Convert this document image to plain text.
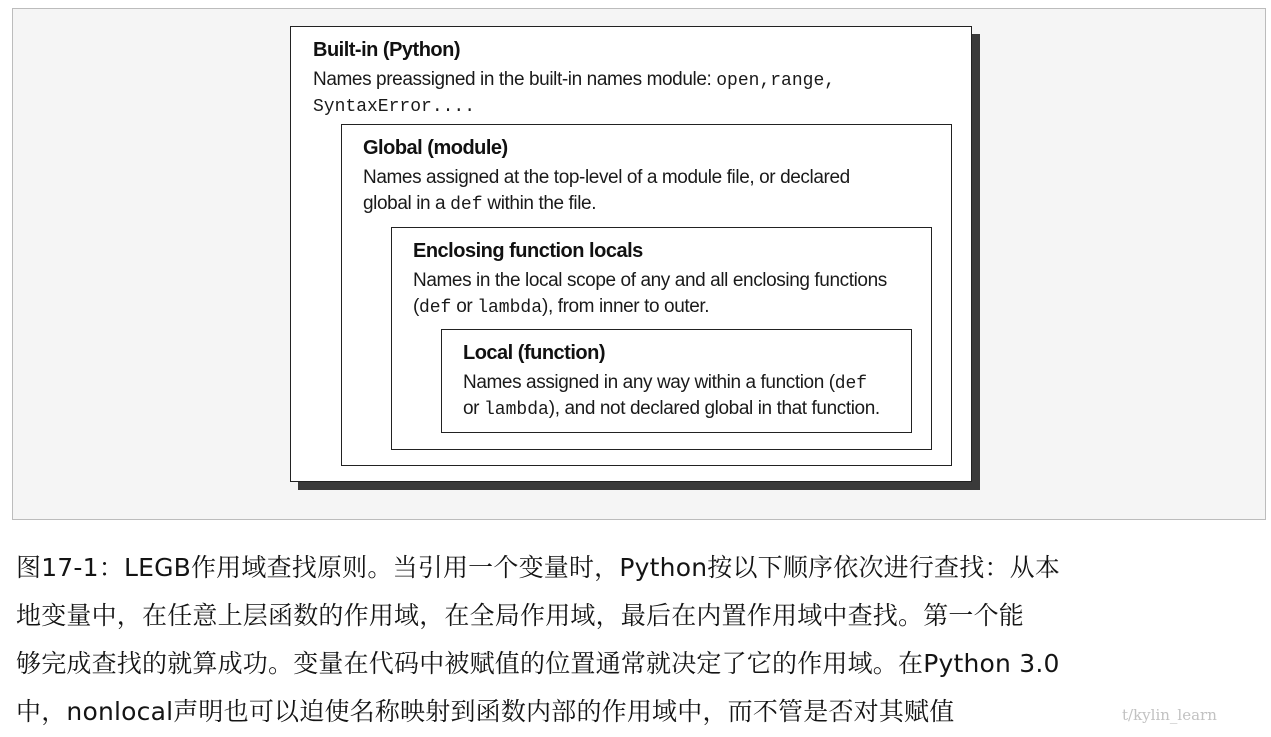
Built-in (Python)
Names preassigned in the built-in names module: open,range,
SyntaxError....
Global (module)
Names assigned at the top-level of a module file, or declared
global in a def within the file.
Enclosing function locals
Names in the local scope of any and all enclosing functions
(def or lambda), from inner to outer.
Local (function)
Names assigned in any way within a function (def
or lambda), and not declared global in that function.
图17-1：LEGB作用域查找原则。当引用一个变量时，Python按以下顺序依次进行查找：从本
地变量中，在任意上层函数的作用域，在全局作用域，最后在内置作用域中查找。第一个能
够完成查找的就算成功。变量在代码中被赋值的位置通常就决定了它的作用域。在Python 3.0
中，nonlocal声明也可以迫使名称映射到函数内部的作用域中，而不管是否对其赋值	t/kylin_learn
